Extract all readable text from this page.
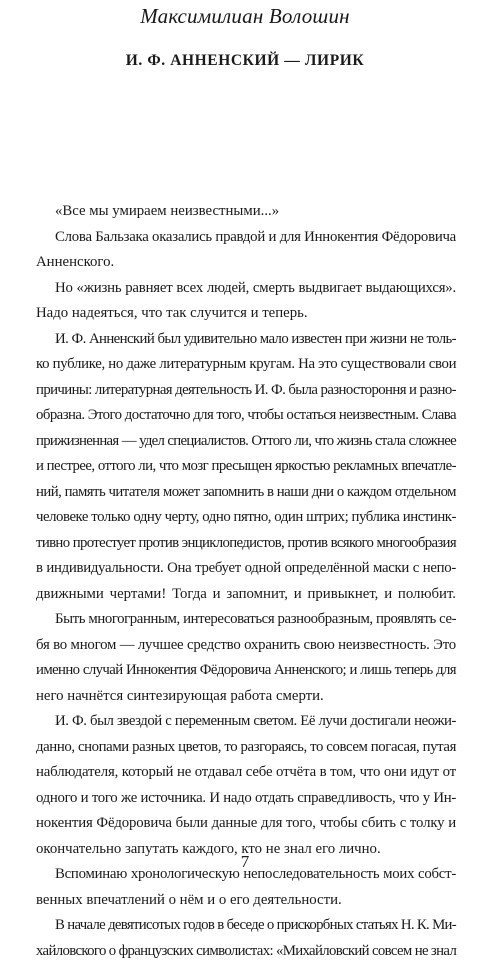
Максимилиан Волошин
И. Ф. АННЕНСКИЙ — ЛИРИК
«Все мы умираем неизвестными...»
Слова Бальзака оказались правдой и для Иннокентия Фёдоровича
Анненского.
Но «жизнь равняет всех людей, смерть выдвигает выдающихся».
Надо надеяться, что так случится и теперь.
И. Ф. Анненский был удивительно мало известен при жизни не толь-
ко публике, но даже литературным кругам. На это существовали свои
причины: литературная деятельность И. Ф. была разностороння и разно-
образна. Этого достаточно для того, чтобы остаться неизвестным. Слава
прижизненная — удел специалистов. Оттого ли, что жизнь стала сложнее
и пестрее, оттого ли, что мозг пресыщен яркостью рекламных впечатле-
ний, память читателя может запомнить в наши дни о каждом отдельном
человеке только одну черту, одно пятно, один штрих; публика инстинк-
тивно протестует против энциклопедистов, против всякого многообразия
в индивидуальности. Она требует одной определённой маски с непо-
движными чертами! Тогда и запомнит, и привыкнет, и полюбит.
Быть многогранным, интересоваться разнообразным, проявлять се-
бя во многом — лучшее средство охранить свою неизвестность. Это
именно случай Иннокентия Фёдоровича Анненского; и лишь теперь для
него начнётся синтезирующая работа смерти.
И. Ф. был звездой с переменным светом. Её лучи достигали неожи-
данно, снопами разных цветов, то разгораясь, то совсем погасая, путая
наблюдателя, который не отдавал себе отчёта в том, что они идут от
одного и того же источника. И надо отдать справедливость, что у Ин-
нокентия Фёдоровича были данные для того, чтобы сбить с толку и
окончательно запутать каждого, кто не знал его лично.
Вспоминаю хронологическую непоследовательность моих собст-
венных впечатлений о нём и о его деятельности.
В начале девятисотых годов в беседе о прискорбных статьях Н. К. Ми-
хайловского о французских символистах: «Михайловский совсем не знал
7
